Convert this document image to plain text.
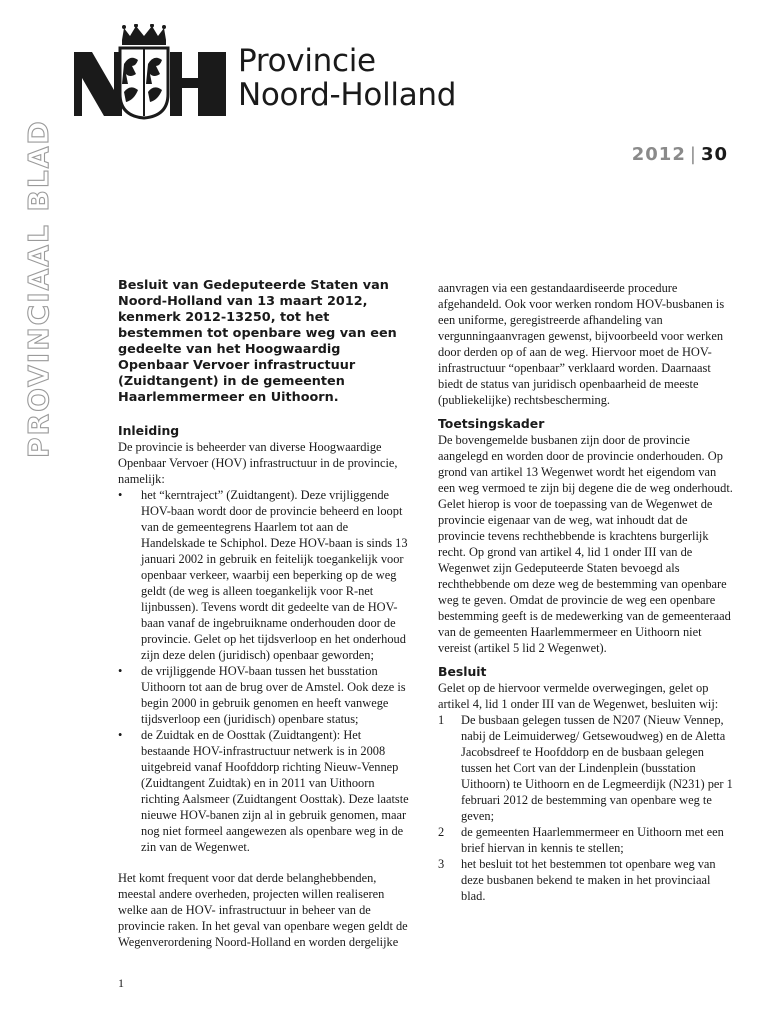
Provincie
Noord-Holland
2012 | 30
PROVINCIAAL BLAD	Besluit van Gedeputeerde Staten van Noord-Holland van 13 maart 2012, kenmerk 2012-13250, tot het bestemmen tot openbare weg van een gedeelte van het Hoogwaardig Openbaar Vervoer infrastructuur (Zuidtangent) in de gemeenten Haarlemmermeer en Uithoorn.
Inleiding

De provincie is beheerder van diverse Hoogwaardige Openbaar Vervoer (HOV) infrastructuur in de provincie, namelijk:

•	het “kerntraject” (Zuidtangent). Deze vrijliggende HOV-baan wordt door de provincie beheerd en loopt van de gemeentegrens Haarlem tot aan de Handelskade te Schiphol. Deze HOV-baan is sinds 13 januari 2002 in gebruik en feitelijk toegankelijk voor openbaar verkeer, waarbij een beperking op de weg geldt (de weg is alleen toegankelijk voor R-net lijnbussen). Tevens wordt dit gedeelte van de HOV-baan vanaf de ingebruikname onderhouden door de provincie. Gelet op het tijdsverloop en het onderhoud zijn deze delen (juridisch) openbaar geworden;
•	de vrijliggende HOV-baan tussen het busstation Uithoorn tot aan de brug over de Amstel. Ook deze is begin 2000 in gebruik genomen en heeft vanwege tijdsverloop een (juridisch) openbare status;
•	de Zuidtak en de Oosttak (Zuidtangent): Het bestaande HOV-infrastructuur netwerk is in 2008 uitgebreid vanaf Hoofddorp richting Nieuw-Vennep (Zuidtangent Zuidtak) en in 2011 van Uithoorn richting Aalsmeer (Zuidtangent Oosttak). Deze laatste nieuwe HOV-banen zijn al in gebruik genomen, maar nog niet formeel aangewezen als openbare weg in de zin van de Wegenwet.

Het komt frequent voor dat derde belanghebbenden, meestal andere overheden, projecten willen realiseren welke aan de HOV- infrastructuur in beheer van de provincie raken. In het geval van openbare wegen geldt de Wegenverordening Noord-Holland en worden dergelijke

aanvragen via een gestandaardiseerde procedure afgehandeld. Ook voor werken rondom HOV-busbanen is een uniforme, geregistreerde afhandeling van vergunningaanvragen gewenst, bijvoorbeeld voor werken door derden op of aan de weg. Hiervoor moet de HOV-infrastructuur “openbaar” verklaard worden. Daarnaast biedt de status van juridisch openbaarheid de meeste (publiekelijke) rechtsbescherming.

Toetsingskader

De bovengemelde busbanen zijn door de provincie aangelegd en worden door de provincie onderhouden. Op grond van artikel 13 Wegenwet wordt het eigendom van een weg vermoed te zijn bij degene die de weg onderhoudt. Gelet hierop is voor de toepassing van de Wegenwet de provincie eigenaar van de weg, wat inhoudt dat de provincie tevens rechthebbende is krachtens burgerlijk recht. Op grond van artikel 4, lid 1 onder III van de Wegenwet zijn Gedeputeerde Staten bevoegd als rechthebbende om deze weg de bestemming van openbare weg te geven. Omdat de provincie de weg een openbare bestemming geeft is de medewerking van de gemeenteraad van de gemeenten Haarlemmermeer en Uithoorn niet vereist (artikel 5 lid 2 Wegenwet).

Besluit

Gelet op de hiervoor vermelde overwegingen, gelet op artikel 4, lid 1 onder III van de Wegenwet, besluiten wij:

1	De busbaan gelegen tussen de N207 (Nieuw Vennep, nabij de Leimuiderweg/ Getsewoudweg) en de Aletta Jacobsdreef te Hoofddorp en de busbaan gelegen tussen het Cort van der Lindenplein (busstation Uithoorn) te Uithoorn en de Legmeerdijk (N231) per 1 februari 2012 de bestemming van openbare weg te geven;
2	de gemeenten Haarlemmermeer en Uithoorn met een brief hiervan in kennis te stellen;
3	het besluit tot het bestemmen tot openbare weg van deze busbanen bekend te maken in het provinciaal blad.
1
